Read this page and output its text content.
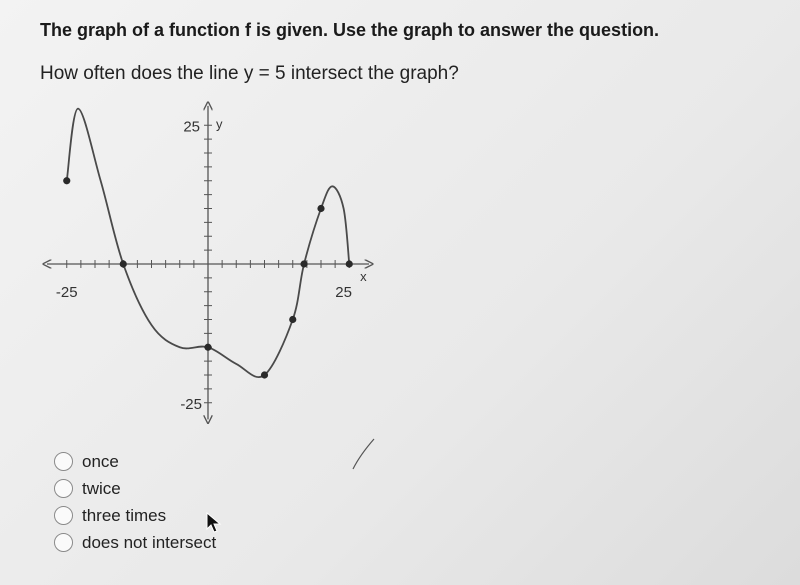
The graph of a function f is given. Use the graph to answer the question.
How often does the line y = 5 intersect the graph?
-25	25
25
-25
y
x
once
twice
three times
does not intersect
